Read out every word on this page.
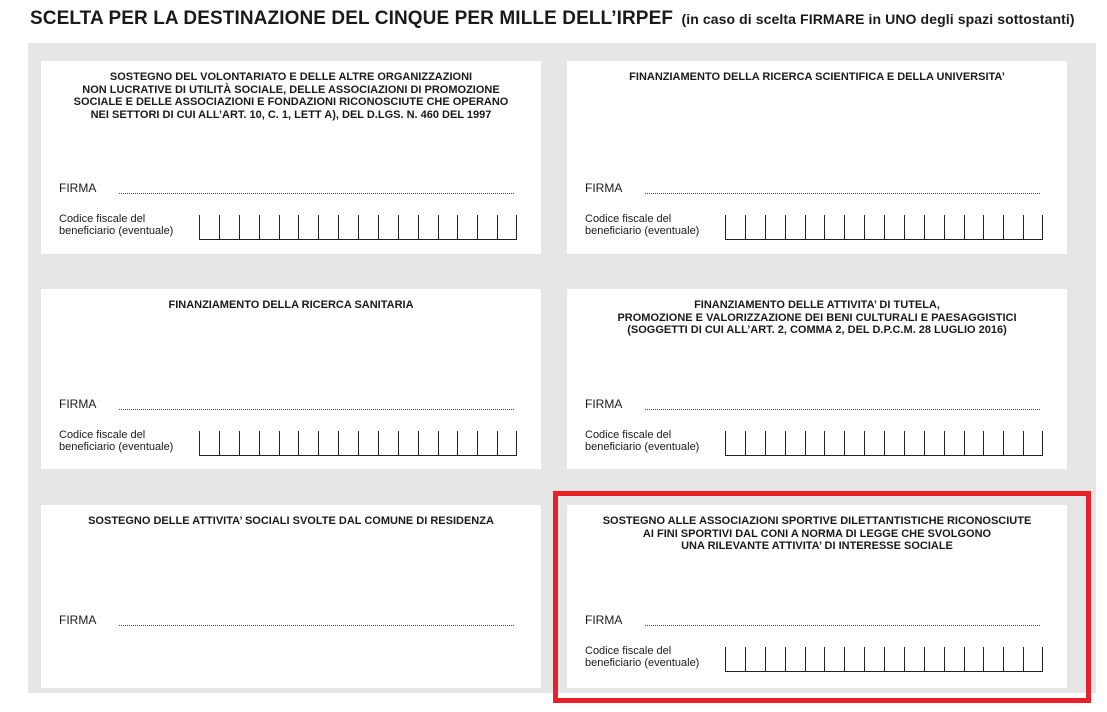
SCELTA PER LA DESTINAZIONE DEL CINQUE PER MILLE DELL’IRPEF (in caso di scelta FIRMARE in UNO degli spazi sottostanti)
SOSTEGNO DEL VOLONTARIATO E DELLE ALTRE ORGANIZZAZIONI
NON LUCRATIVE DI UTILITÀ SOCIALE, DELLE ASSOCIAZIONI DI PROMOZIONE
SOCIALE E DELLE ASSOCIAZIONI E FONDAZIONI RICONOSCIUTE CHE OPERANO
NEI SETTORI DI CUI ALL’ART. 10, C. 1, LETT A), DEL D.LGS. N. 460 DEL 1997
FIRMA
Codice fiscale del
beneficiario (eventuale)
FINANZIAMENTO DELLA RICERCA SCIENTIFICA E DELLA UNIVERSITA’
FIRMA
Codice fiscale del
beneficiario (eventuale)
FINANZIAMENTO DELLA RICERCA SANITARIA
FIRMA
Codice fiscale del
beneficiario (eventuale)
FINANZIAMENTO DELLE ATTIVITA’ DI TUTELA,
PROMOZIONE E VALORIZZAZIONE DEI BENI CULTURALI E PAESAGGISTICI
(SOGGETTI DI CUI ALL’ART. 2, COMMA 2, DEL D.P.C.M. 28 LUGLIO 2016)
FIRMA
Codice fiscale del
beneficiario (eventuale)
SOSTEGNO DELLE ATTIVITA’ SOCIALI SVOLTE DAL COMUNE DI RESIDENZA
FIRMA
SOSTEGNO ALLE ASSOCIAZIONI SPORTIVE DILETTANTISTICHE RICONOSCIUTE
AI FINI SPORTIVI DAL CONI A NORMA DI LEGGE CHE SVOLGONO
UNA RILEVANTE ATTIVITA’ DI INTERESSE SOCIALE
FIRMA
Codice fiscale del
beneficiario (eventuale)
